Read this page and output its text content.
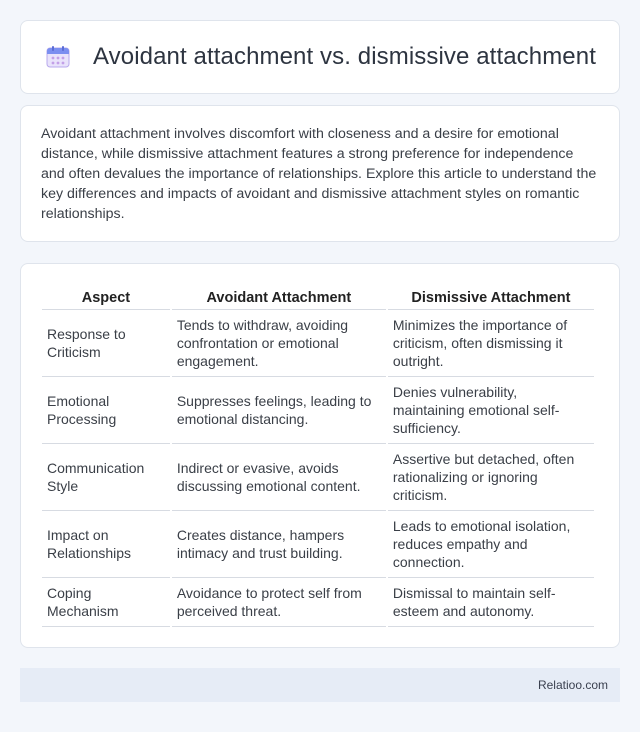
Avoidant attachment vs. dismissive attachment

Avoidant attachment involves discomfort with closeness and a desire for emotional distance, while dismissive attachment features a strong preference for independence and often devalues the importance of relationships. Explore this article to understand the key differences and impacts of avoidant and dismissive attachment styles on romantic relationships.

Aspect	Avoidant Attachment	Dismissive Attachment
Response to Criticism	Tends to withdraw, avoiding confrontation or emotional engagement.	Minimizes the importance of criticism, often dismissing it outright.
Emotional Processing	Suppresses feelings, leading to emotional distancing.	Denies vulnerability, maintaining emotional self-sufficiency.
Communication Style	Indirect or evasive, avoids discussing emotional content.	Assertive but detached, often rationalizing or ignoring criticism.
Impact on Relationships	Creates distance, hampers intimacy and trust building.	Leads to emotional isolation, reduces empathy and connection.
Coping Mechanism	Avoidance to protect self from perceived threat.	Dismissal to maintain self-esteem and autonomy.
Relatioo.com
